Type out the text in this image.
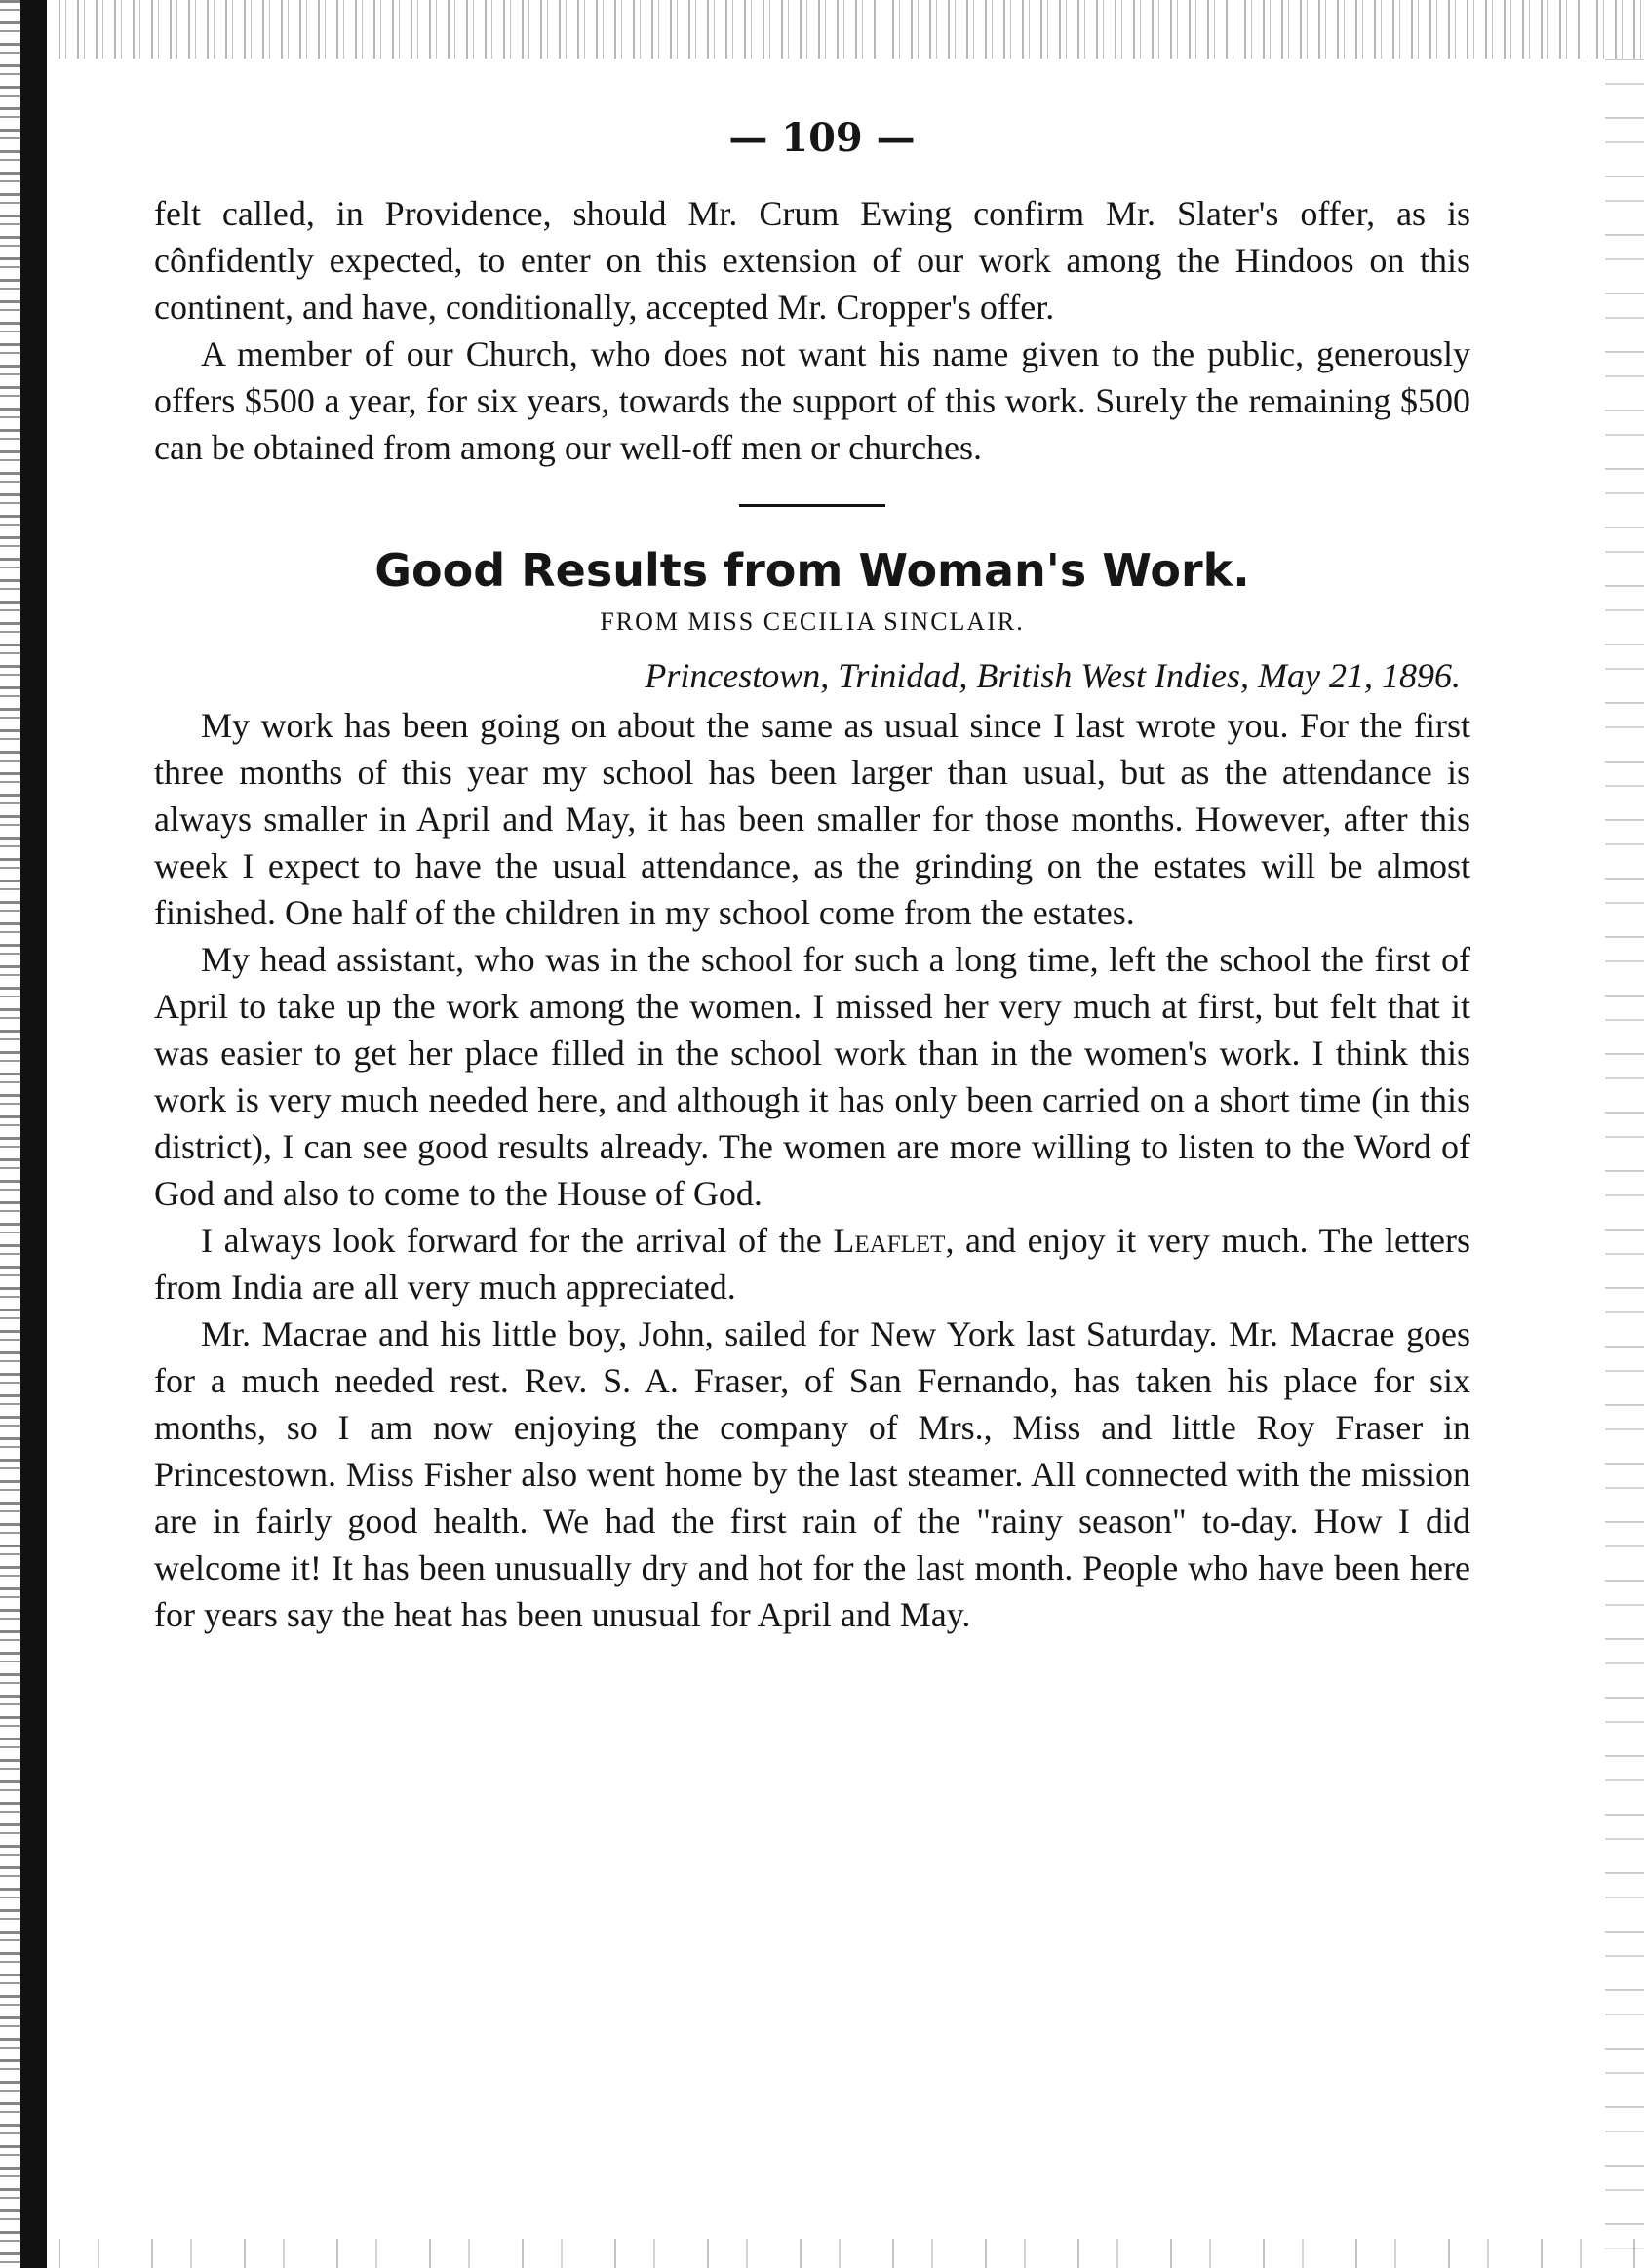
— 109 —

felt called, in Providence, should Mr. Crum Ewing confirm Mr. Slater's offer, as is cônfidently expected, to enter on this extension of our work among the Hindoos on this continent, and have, conditionally, accepted Mr. Cropper's offer.

A member of our Church, who does not want his name given to the public, generously offers $500 a year, for six years, towards the support of this work. Surely the remaining $500 can be obtained from among our well-off men or churches.

Good Results from Woman's Work.
FROM MISS CECILIA SINCLAIR.
Princestown, Trinidad, British West Indies, May 21, 1896.

My work has been going on about the same as usual since I last wrote you. For the first three months of this year my school has been larger than usual, but as the attendance is always smaller in April and May, it has been smaller for those months. However, after this week I expect to have the usual attendance, as the grinding on the estates will be almost finished. One half of the children in my school come from the estates.

My head assistant, who was in the school for such a long time, left the school the first of April to take up the work among the women. I missed her very much at first, but felt that it was easier to get her place filled in the school work than in the women's work. I think this work is very much needed here, and although it has only been carried on a short time (in this district), I can see good results already. The women are more willing to listen to the Word of God and also to come to the House of God.

I always look forward for the arrival of the Leaflet, and enjoy it very much. The letters from India are all very much appreciated.

Mr. Macrae and his little boy, John, sailed for New York last Saturday. Mr. Macrae goes for a much needed rest. Rev. S. A. Fraser, of San Fernando, has taken his place for six months, so I am now enjoying the company of Mrs., Miss and little Roy Fraser in Princestown. Miss Fisher also went home by the last steamer. All connected with the mission are in fairly good health. We had the first rain of the "rainy season" to-day. How I did welcome it! It has been unusually dry and hot for the last month. People who have been here for years say the heat has been unusual for April and May.
